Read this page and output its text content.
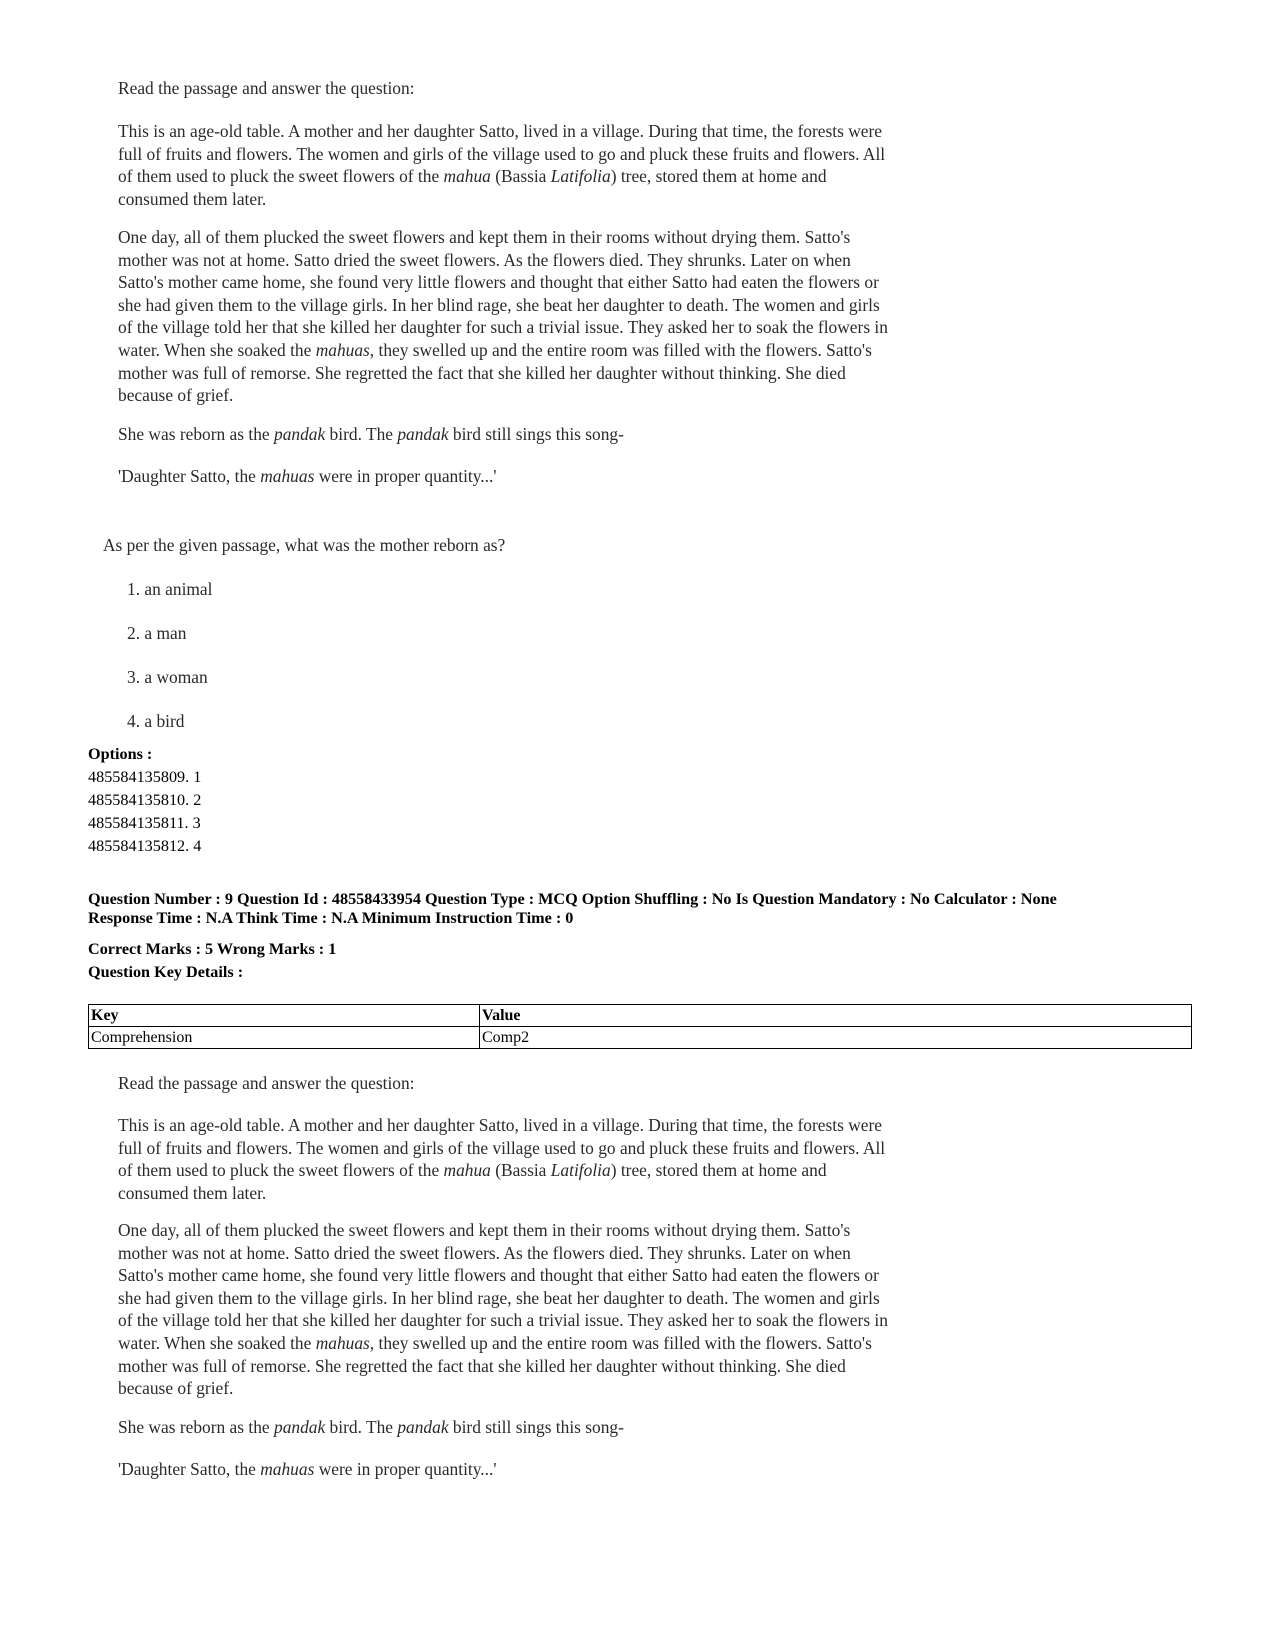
Read the passage and answer the question:
This is an age-old table. A mother and her daughter Satto, lived in a village. During that time, the forests were
full of fruits and flowers. The women and girls of the village used to go and pluck these fruits and flowers. All
of them used to pluck the sweet flowers of the mahua (Bassia Latifolia) tree, stored them at home and
consumed them later.
One day, all of them plucked the sweet flowers and kept them in their rooms without drying them. Satto's
mother was not at home. Satto dried the sweet flowers. As the flowers died. They shrunks. Later on when
Satto's mother came home, she found very little flowers and thought that either Satto had eaten the flowers or
she had given them to the village girls. In her blind rage, she beat her daughter to death. The women and girls
of the village told her that she killed her daughter for such a trivial issue. They asked her to soak the flowers in
water. When she soaked the mahuas, they swelled up and the entire room was filled with the flowers. Satto's
mother was full of remorse. She regretted the fact that she killed her daughter without thinking. She died
because of grief.
She was reborn as the pandak bird. The pandak bird still sings this song-
'Daughter Satto, the mahuas were in proper quantity...'
As per the given passage, what was the mother reborn as?
1. an animal
2. a man
3. a woman
4. a bird
Options :
485584135809. 1
485584135810. 2
485584135811. 3
485584135812. 4
Question Number : 9 Question Id : 48558433954 Question Type : MCQ Option Shuffling : No Is Question Mandatory : No Calculator : None
Response Time : N.A Think Time : N.A Minimum Instruction Time : 0
Correct Marks : 5 Wrong Marks : 1
Question Key Details :
Key	Value
Comprehension	Comp2
Read the passage and answer the question:
This is an age-old table. A mother and her daughter Satto, lived in a village. During that time, the forests were
full of fruits and flowers. The women and girls of the village used to go and pluck these fruits and flowers. All
of them used to pluck the sweet flowers of the mahua (Bassia Latifolia) tree, stored them at home and
consumed them later.
One day, all of them plucked the sweet flowers and kept them in their rooms without drying them. Satto's
mother was not at home. Satto dried the sweet flowers. As the flowers died. They shrunks. Later on when
Satto's mother came home, she found very little flowers and thought that either Satto had eaten the flowers or
she had given them to the village girls. In her blind rage, she beat her daughter to death. The women and girls
of the village told her that she killed her daughter for such a trivial issue. They asked her to soak the flowers in
water. When she soaked the mahuas, they swelled up and the entire room was filled with the flowers. Satto's
mother was full of remorse. She regretted the fact that she killed her daughter without thinking. She died
because of grief.
She was reborn as the pandak bird. The pandak bird still sings this song-
'Daughter Satto, the mahuas were in proper quantity...'
